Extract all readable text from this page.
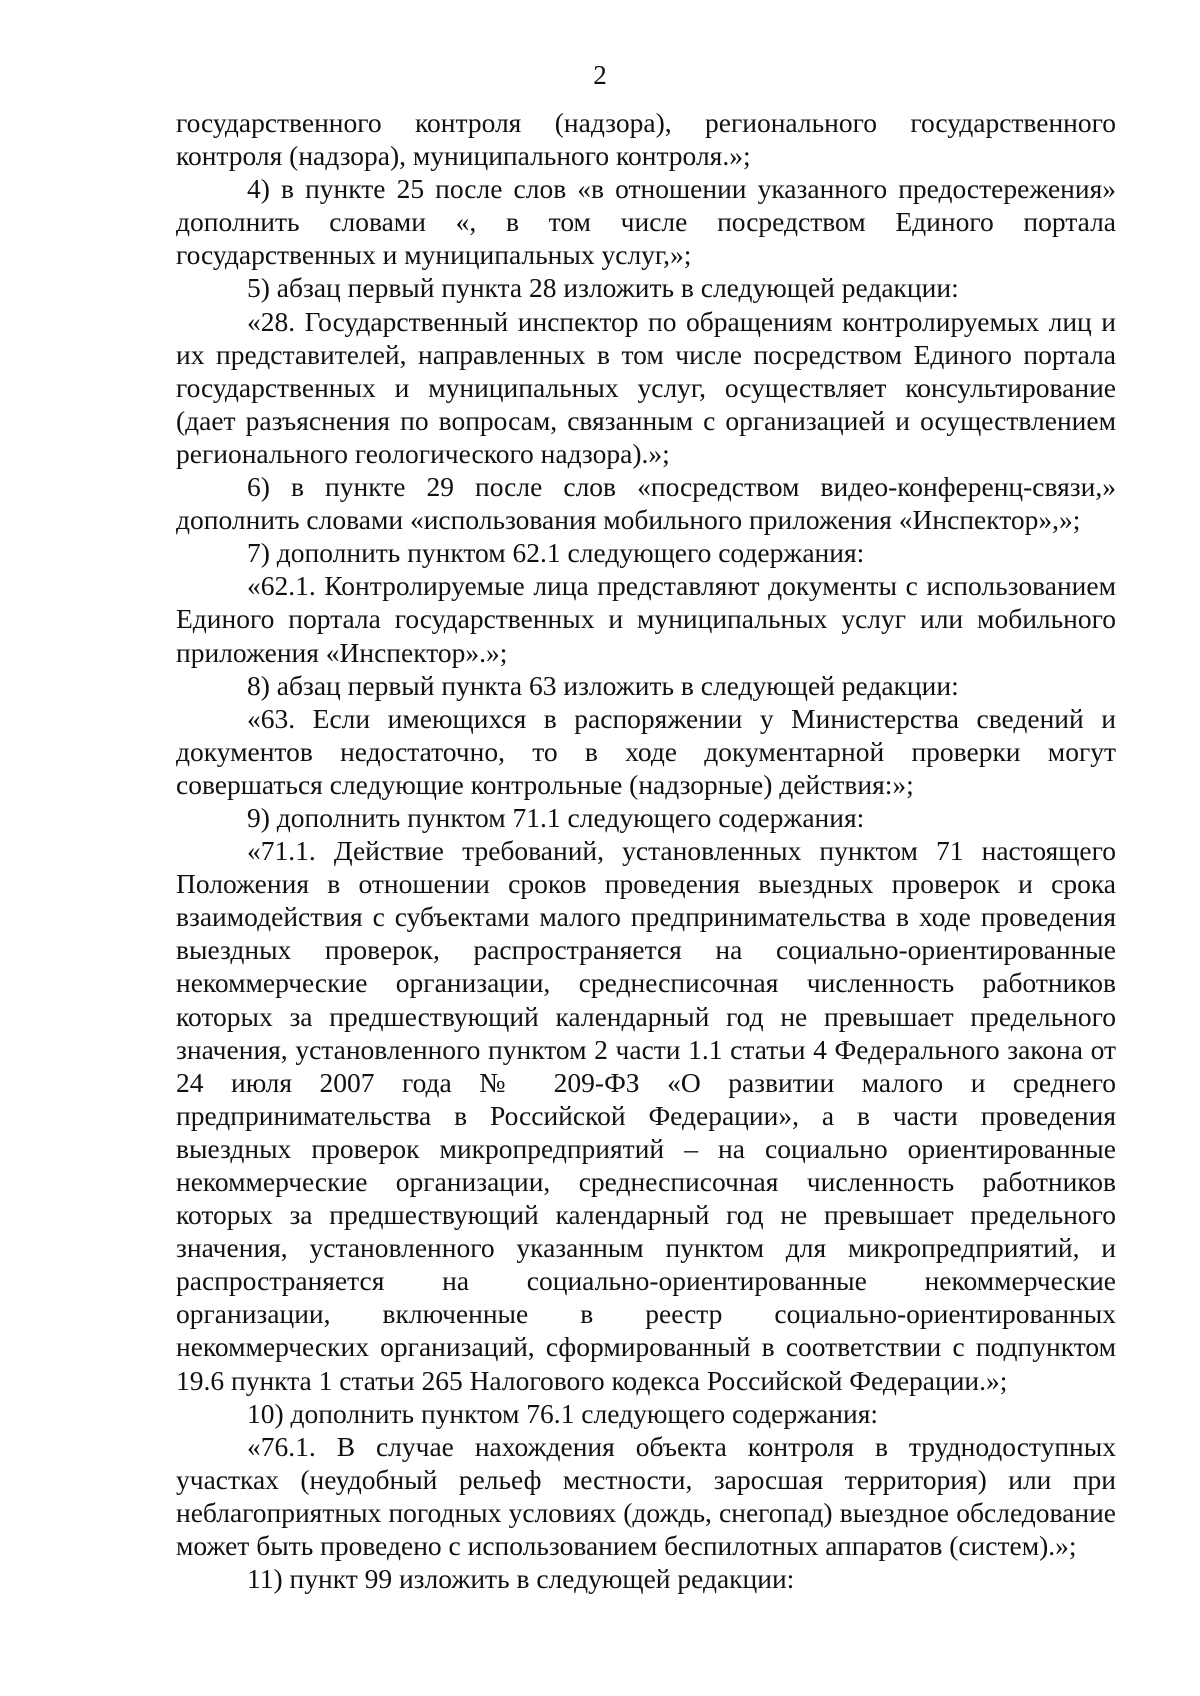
2

государственного контроля (надзора), регионального государственного контроля (надзора), муниципального контроля.»;

4) в пункте 25 после слов «в отношении указанного предостережения» дополнить словами «, в том числе посредством Единого портала государственных и муниципальных услуг,»;

5) абзац первый пункта 28 изложить в следующей редакции:

«28. Государственный инспектор по обращениям контролируемых лиц и их представителей, направленных в том числе посредством Единого портала государственных и муниципальных услуг, осуществляет консультирование (дает разъяснения по вопросам, связанным с организацией и осуществлением регионального геологического надзора).»;

6) в пункте 29 после слов «посредством видео-конференц-связи,» дополнить словами «использования мобильного приложения «Инспектор»,»;

7) дополнить пунктом 62.1 следующего содержания:

«62.1. Контролируемые лица представляют документы с использованием Единого портала государственных и муниципальных услуг или мобильного приложения «Инспектор».»;

8) абзац первый пункта 63 изложить в следующей редакции:

«63. Если имеющихся в распоряжении у Министерства сведений и документов недостаточно, то в ходе документарной проверки могут совершаться следующие контрольные (надзорные) действия:»;

9) дополнить пунктом 71.1 следующего содержания:

«71.1. Действие требований, установленных пунктом 71 настоящего Положения в отношении сроков проведения выездных проверок и срока взаимодействия с субъектами малого предпринимательства в ходе проведения выездных проверок, распространяется на социально-ориентированные некоммерческие организации, среднесписочная численность работников которых за предшествующий календарный год не превышает предельного значения, установленного пунктом 2 части 1.1 статьи 4 Федерального закона от 24 июля 2007 года № 209-ФЗ «О развитии малого и среднего предпринимательства в Российской Федерации», а в части проведения выездных проверок микропредприятий – на социально ориентированные некоммерческие организации, среднесписочная численность работников которых за предшествующий календарный год не превышает предельного значения, установленного указанным пунктом для микропредприятий, и распространяется на социально-ориентированные некоммерческие организации, включенные в реестр социально-ориентированных некоммерческих организаций, сформированный в соответствии с подпунктом 19.6 пункта 1 статьи 265 Налогового кодекса Российской Федерации.»;

10) дополнить пунктом 76.1 следующего содержания:

«76.1. В случае нахождения объекта контроля в труднодоступных участках (неудобный рельеф местности, заросшая территория) или при неблагоприятных погодных условиях (дождь, снегопад) выездное обследование может быть проведено с использованием беспилотных аппаратов (систем).»;

11) пункт 99 изложить в следующей редакции:
